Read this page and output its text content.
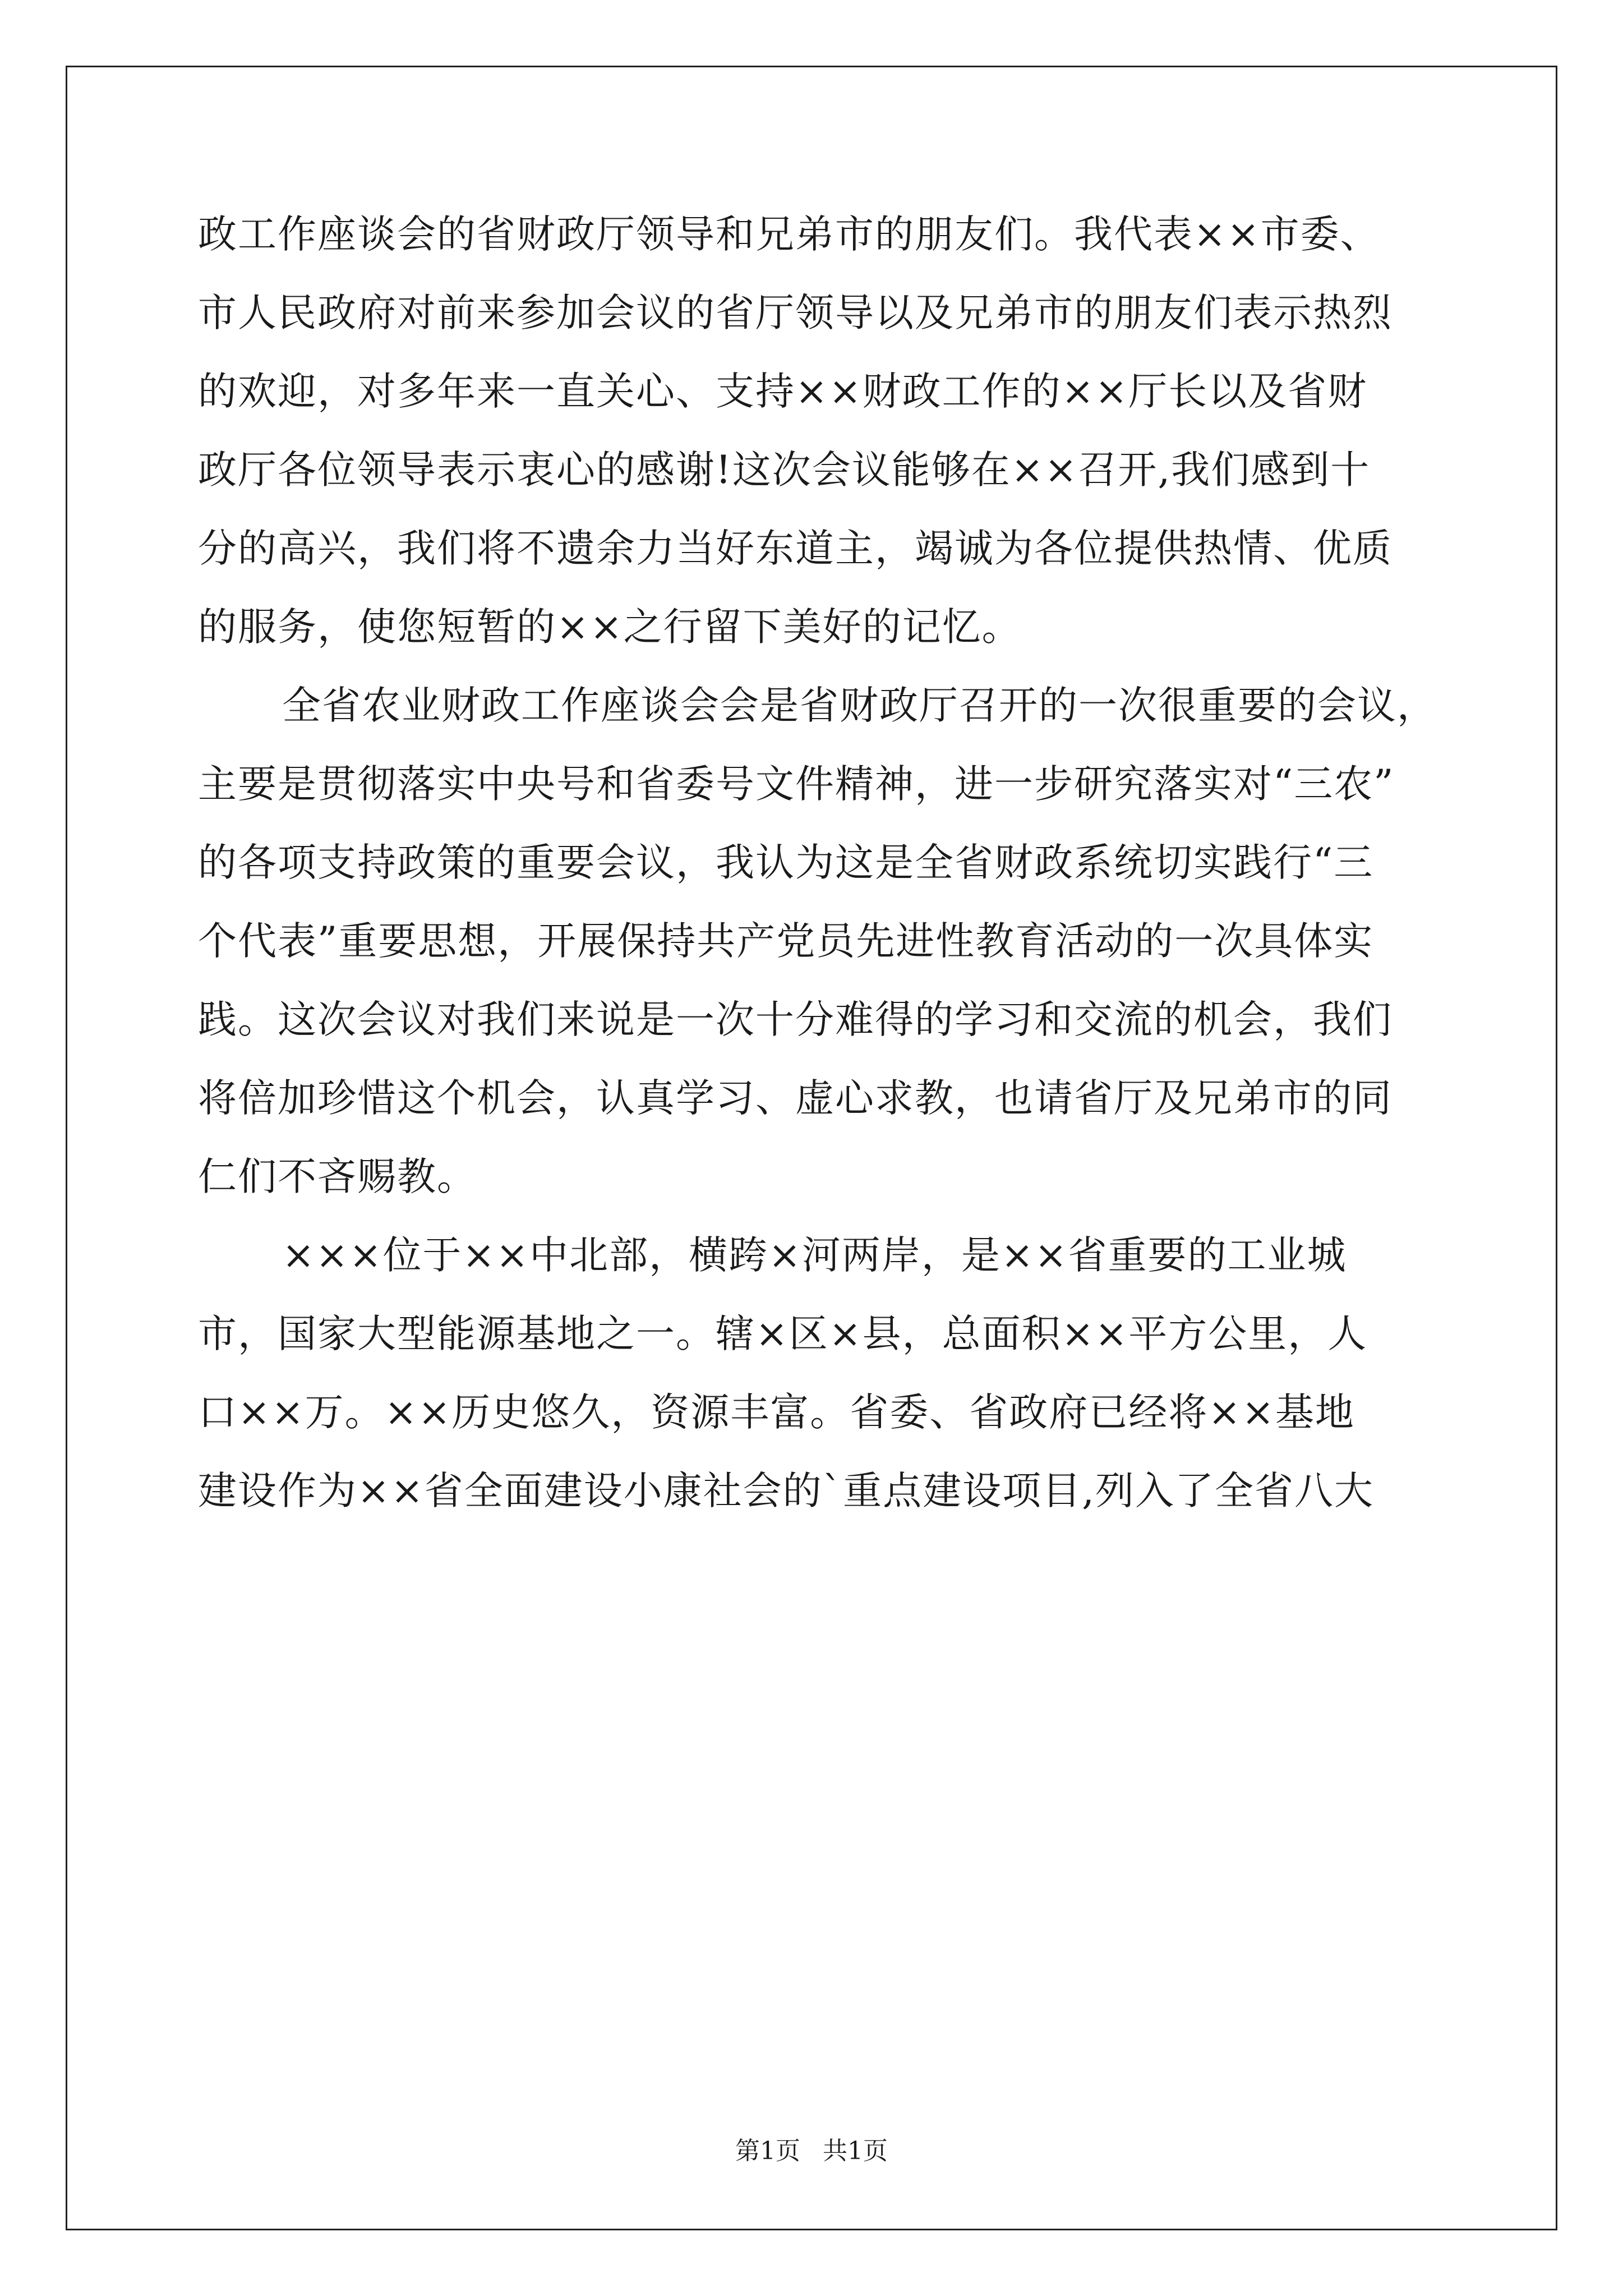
政工作座谈会的省财政厅领导和兄弟市的朋友们。我代表××市委、
市人民政府对前来参加会议的省厅领导以及兄弟市的朋友们表示热烈
的欢迎，对多年来一直关心、支持××财政工作的××厅长以及省财
政厅各位领导表示衷心的感谢!这次会议能够在××召开,我们感到十
分的高兴，我们将不遗余力当好东道主，竭诚为各位提供热情、优质
的服务，使您短暂的××之行留下美好的记忆。
全省农业财政工作座谈会会是省财政厅召开的一次很重要的会议，
主要是贯彻落实中央号和省委号文件精神，进一步研究落实对“三农”
的各项支持政策的重要会议，我认为这是全省财政系统切实践行“三
个代表”重要思想，开展保持共产党员先进性教育活动的一次具体实
践。这次会议对我们来说是一次十分难得的学习和交流的机会，我们
将倍加珍惜这个机会，认真学习、虚心求教，也请省厅及兄弟市的同
仁们不吝赐教。
×××位于××中北部，横跨×河两岸，是××省重要的工业城
市，国家大型能源基地之一。辖×区×县，总面积××平方公里，人
口××万。××历史悠久，资源丰富。省委、省政府已经将××基地
建设作为××省全面建设小康社会的`重点建设项目,列入了全省八大
第1页 共1页
